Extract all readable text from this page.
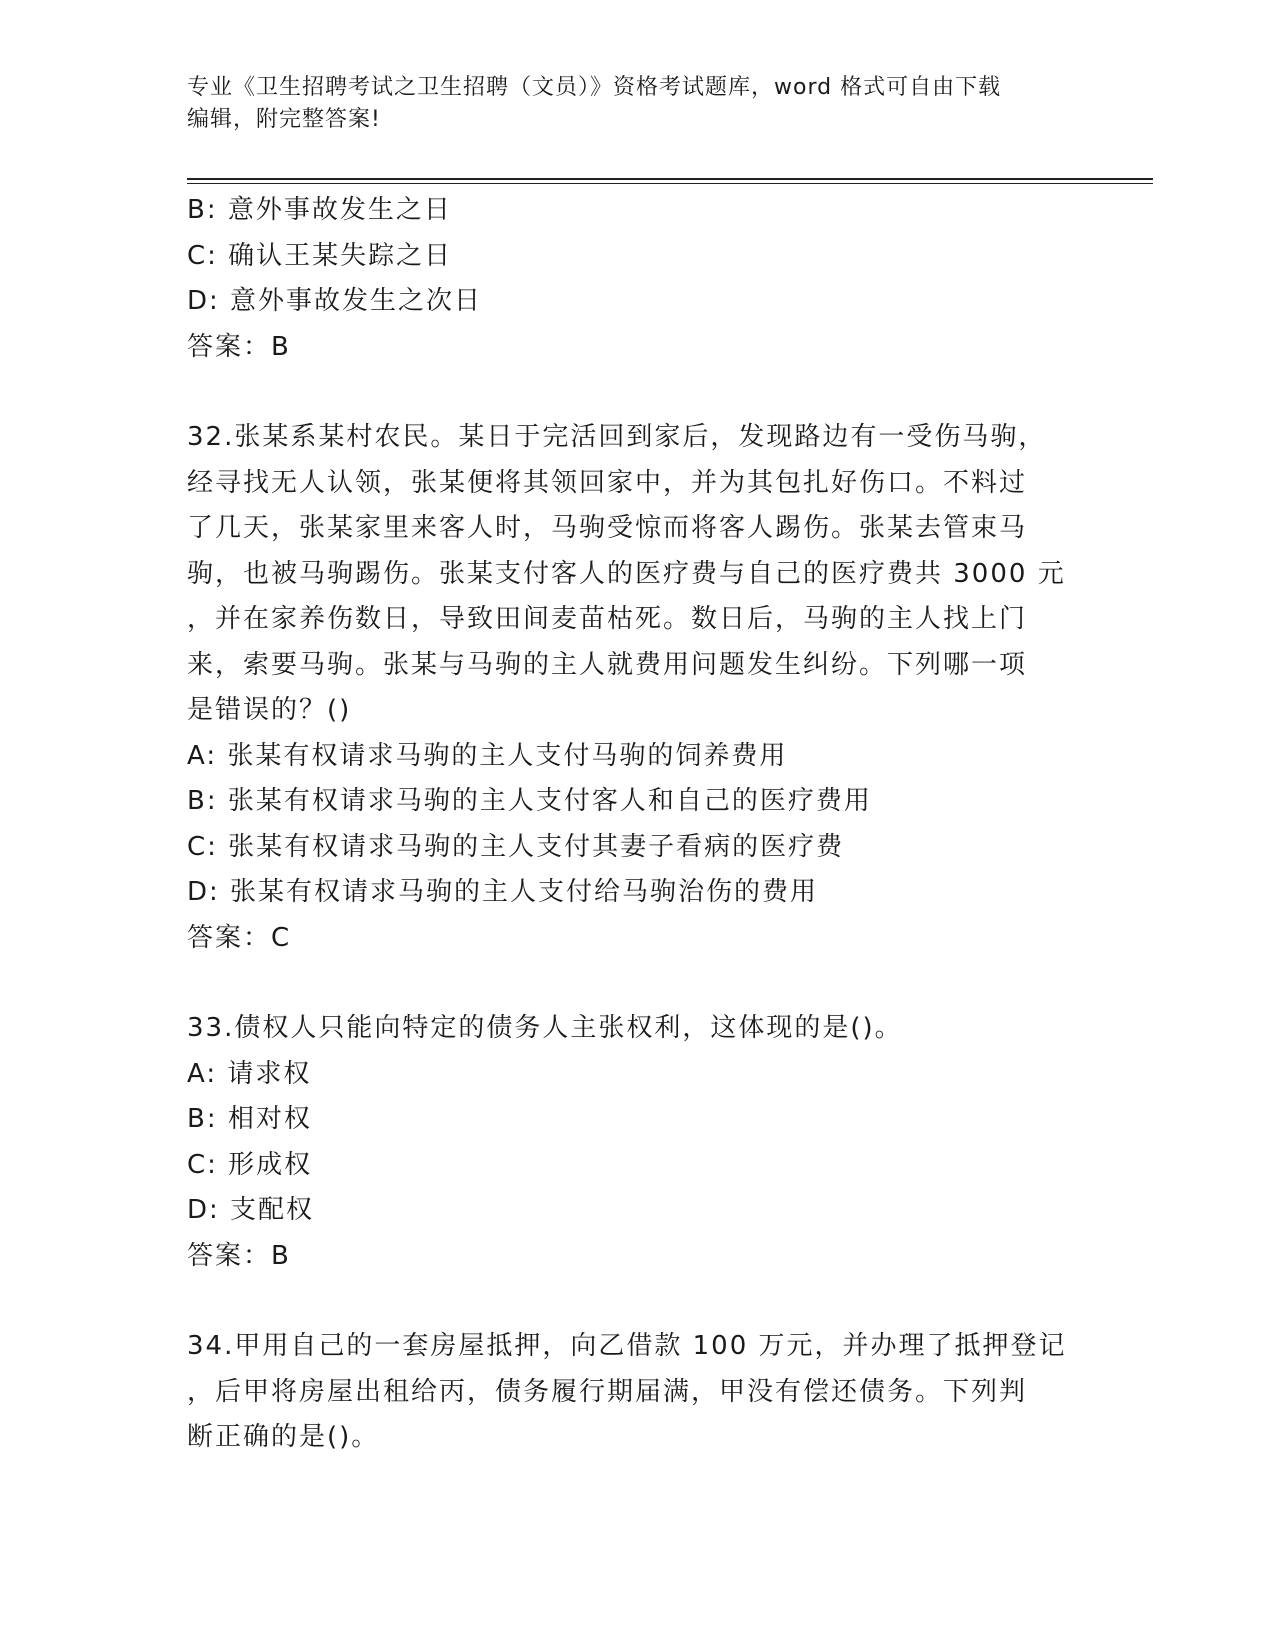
专业《卫生招聘考试之卫生招聘（文员）》资格考试题库，word 格式可自由下载
编辑，附完整答案!
B: 意外事故发生之日
C: 确认王某失踪之日
D: 意外事故发生之次日
答案：B
32.张某系某村农民。某日于完活回到家后，发现路边有一受伤马驹，
经寻找无人认领，张某便将其领回家中，并为其包扎好伤口。不料过
了几天，张某家里来客人时，马驹受惊而将客人踢伤。张某去管束马
驹，也被马驹踢伤。张某支付客人的医疗费与自己的医疗费共 3000 元
，并在家养伤数日，导致田间麦苗枯死。数日后，马驹的主人找上门
来，索要马驹。张某与马驹的主人就费用问题发生纠纷。下列哪一项
是错误的？()
A: 张某有权请求马驹的主人支付马驹的饲养费用
B: 张某有权请求马驹的主人支付客人和自己的医疗费用
C: 张某有权请求马驹的主人支付其妻子看病的医疗费
D: 张某有权请求马驹的主人支付给马驹治伤的费用
答案：C
33.债权人只能向特定的债务人主张权利，这体现的是()。
A: 请求权
B: 相对权
C: 形成权
D: 支配权
答案：B
34.甲用自己的一套房屋抵押，向乙借款 100 万元，并办理了抵押登记
，后甲将房屋出租给丙，债务履行期届满，甲没有偿还债务。下列判
断正确的是()。
